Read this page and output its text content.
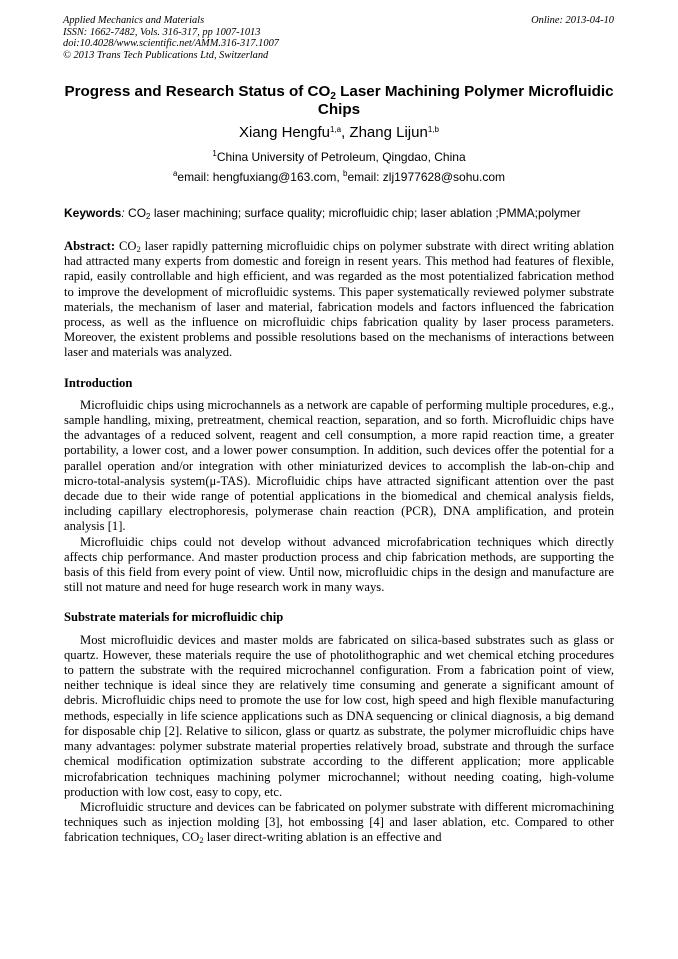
Applied Mechanics and Materials
ISSN: 1662-7482, Vols. 316-317, pp 1007-1013
doi:10.4028/www.scientific.net/AMM.316-317.1007
© 2013 Trans Tech Publications Ltd, Switzerland
Online: 2013-04-10
Progress and Research Status of $CO_2$ Laser Machining Polymer Microfluidic Chips
Xiang Hengfu$^{1,a}$, Zhang Lijun$^{1,b}$
$^1$China University of Petroleum, Qingdao, China
$^a$email: hengfuxiang@163.com, $^b$email: zlj1977628@sohu.com
Keywords: $CO_2$ laser machining; surface quality; microfluidic chip; laser ablation ;PMMA;polymer

Abstract: $CO_2$ laser rapidly patterning microfluidic chips on polymer substrate with direct writing ablation had attracted many experts from domestic and foreign in resent years. This method had features of flexible, rapid, easily controllable and high efficient, and was regarded as the most potentialized fabrication method to improve the development of microfluidic systems. This paper systematically reviewed polymer substrate materials, the mechanism of laser and material, fabrication models and factors influenced the fabrication process, as well as the influence on microfluidic chips fabrication quality by laser process parameters. Moreover, the existent problems and possible resolutions based on the mechanisms of interactions between laser and materials was analyzed.

Introduction

Microfluidic chips using microchannels as a network are capable of performing multiple procedures, e.g., sample handling, mixing, pretreatment, chemical reaction, separation, and so forth. Microfluidic chips have the advantages of a reduced solvent, reagent and cell consumption, a more rapid reaction time, a greater portability, a lower cost, and a lower power consumption. In addition, such devices offer the potential for a parallel operation and/or integration with other miniaturized devices to accomplish the lab-on-chip and micro-total-analysis system(μ-TAS). Microfluidic chips have attracted significant attention over the past decade due to their wide range of potential applications in the biomedical and chemical analysis fields, including capillary electrophoresis, polymerase chain reaction (PCR), DNA amplification, and protein analysis [1].

Microfluidic chips could not develop without advanced microfabrication techniques which directly affects chip performance. And master production process and chip fabrication methods, are supporting the basis of this field from every point of view. Until now, microfluidic chips in the design and manufacture are still not mature and need for huge research work in many ways.

Substrate materials for microfluidic chip

Most microfluidic devices and master molds are fabricated on silica-based substrates such as glass or quartz. However, these materials require the use of photolithographic and wet chemical etching procedures to pattern the substrate with the required microchannel configuration. From a fabrication point of view, neither technique is ideal since they are relatively time consuming and generate a significant amount of debris. Microfluidic chips need to promote the use for low cost, high speed and high flexible manufacturing methods, especially in life science applications such as DNA sequencing or clinical diagnosis, a big demand for disposable chip [2]. Relative to silicon, glass or quartz as substrate, the polymer microfluidic chips have many advantages: polymer substrate material properties relatively broad, substrate and through the surface chemical modification optimization substrate according to the different application; more applicable microfabrication techniques machining polymer microchannel; without needing coating, high-volume production with low cost, easy to copy, etc.

Microfluidic structure and devices can be fabricated on polymer substrate with different micromachining techniques such as injection molding [3], hot embossing [4] and laser ablation, etc. Compared to other fabrication techniques, $CO_2$ laser direct-writing ablation is an effective and
